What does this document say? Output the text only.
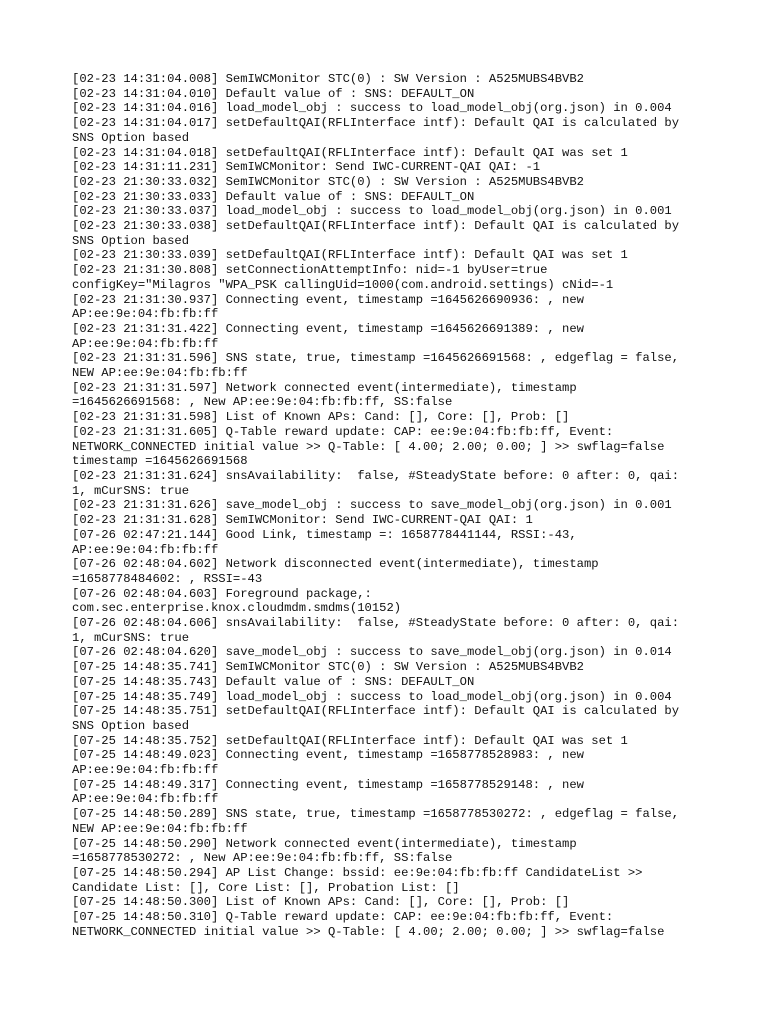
[02-23 14:31:04.008] SemIWCMonitor STC(0) : SW Version : A525MUBS4BVB2
[02-23 14:31:04.010] Default value of : SNS: DEFAULT_ON
[02-23 14:31:04.016] load_model_obj : success to load_model_obj(org.json) in 0.004
[02-23 14:31:04.017] setDefaultQAI(RFLInterface intf): Default QAI is calculated by
SNS Option based
[02-23 14:31:04.018] setDefaultQAI(RFLInterface intf): Default QAI was set 1
[02-23 14:31:11.231] SemIWCMonitor: Send IWC-CURRENT-QAI QAI: -1
[02-23 21:30:33.032] SemIWCMonitor STC(0) : SW Version : A525MUBS4BVB2
[02-23 21:30:33.033] Default value of : SNS: DEFAULT_ON
[02-23 21:30:33.037] load_model_obj : success to load_model_obj(org.json) in 0.001
[02-23 21:30:33.038] setDefaultQAI(RFLInterface intf): Default QAI is calculated by
SNS Option based
[02-23 21:30:33.039] setDefaultQAI(RFLInterface intf): Default QAI was set 1
[02-23 21:31:30.808] setConnectionAttemptInfo: nid=-1 byUser=true
configKey="Milagros "WPA_PSK callingUid=1000(com.android.settings) cNid=-1
[02-23 21:31:30.937] Connecting event, timestamp =1645626690936: , new
AP:ee:9e:04:fb:fb:ff
[02-23 21:31:31.422] Connecting event, timestamp =1645626691389: , new
AP:ee:9e:04:fb:fb:ff
[02-23 21:31:31.596] SNS state, true, timestamp =1645626691568: , edgeflag = false,
NEW AP:ee:9e:04:fb:fb:ff
[02-23 21:31:31.597] Network connected event(intermediate), timestamp
=1645626691568: , New AP:ee:9e:04:fb:fb:ff, SS:false
[02-23 21:31:31.598] List of Known APs: Cand: [], Core: [], Prob: []
[02-23 21:31:31.605] Q-Table reward update: CAP: ee:9e:04:fb:fb:ff, Event:
NETWORK_CONNECTED initial value >> Q-Table: [ 4.00; 2.00; 0.00; ] >> swflag=false
timestamp =1645626691568
[02-23 21:31:31.624] snsAvailability:  false, #SteadyState before: 0 after: 0, qai:
1, mCurSNS: true
[02-23 21:31:31.626] save_model_obj : success to save_model_obj(org.json) in 0.001
[02-23 21:31:31.628] SemIWCMonitor: Send IWC-CURRENT-QAI QAI: 1
[07-26 02:47:21.144] Good Link, timestamp =: 1658778441144, RSSI:-43,
AP:ee:9e:04:fb:fb:ff
[07-26 02:48:04.602] Network disconnected event(intermediate), timestamp
=1658778484602: , RSSI=-43
[07-26 02:48:04.603] Foreground package,:
com.sec.enterprise.knox.cloudmdm.smdms(10152)
[07-26 02:48:04.606] snsAvailability:  false, #SteadyState before: 0 after: 0, qai:
1, mCurSNS: true
[07-26 02:48:04.620] save_model_obj : success to save_model_obj(org.json) in 0.014
[07-25 14:48:35.741] SemIWCMonitor STC(0) : SW Version : A525MUBS4BVB2
[07-25 14:48:35.743] Default value of : SNS: DEFAULT_ON
[07-25 14:48:35.749] load_model_obj : success to load_model_obj(org.json) in 0.004
[07-25 14:48:35.751] setDefaultQAI(RFLInterface intf): Default QAI is calculated by
SNS Option based
[07-25 14:48:35.752] setDefaultQAI(RFLInterface intf): Default QAI was set 1
[07-25 14:48:49.023] Connecting event, timestamp =1658778528983: , new
AP:ee:9e:04:fb:fb:ff
[07-25 14:48:49.317] Connecting event, timestamp =1658778529148: , new
AP:ee:9e:04:fb:fb:ff
[07-25 14:48:50.289] SNS state, true, timestamp =1658778530272: , edgeflag = false,
NEW AP:ee:9e:04:fb:fb:ff
[07-25 14:48:50.290] Network connected event(intermediate), timestamp
=1658778530272: , New AP:ee:9e:04:fb:fb:ff, SS:false
[07-25 14:48:50.294] AP List Change: bssid: ee:9e:04:fb:fb:ff CandidateList >>
Candidate List: [], Core List: [], Probation List: []
[07-25 14:48:50.300] List of Known APs: Cand: [], Core: [], Prob: []
[07-25 14:48:50.310] Q-Table reward update: CAP: ee:9e:04:fb:fb:ff, Event:
NETWORK_CONNECTED initial value >> Q-Table: [ 4.00; 2.00; 0.00; ] >> swflag=false
